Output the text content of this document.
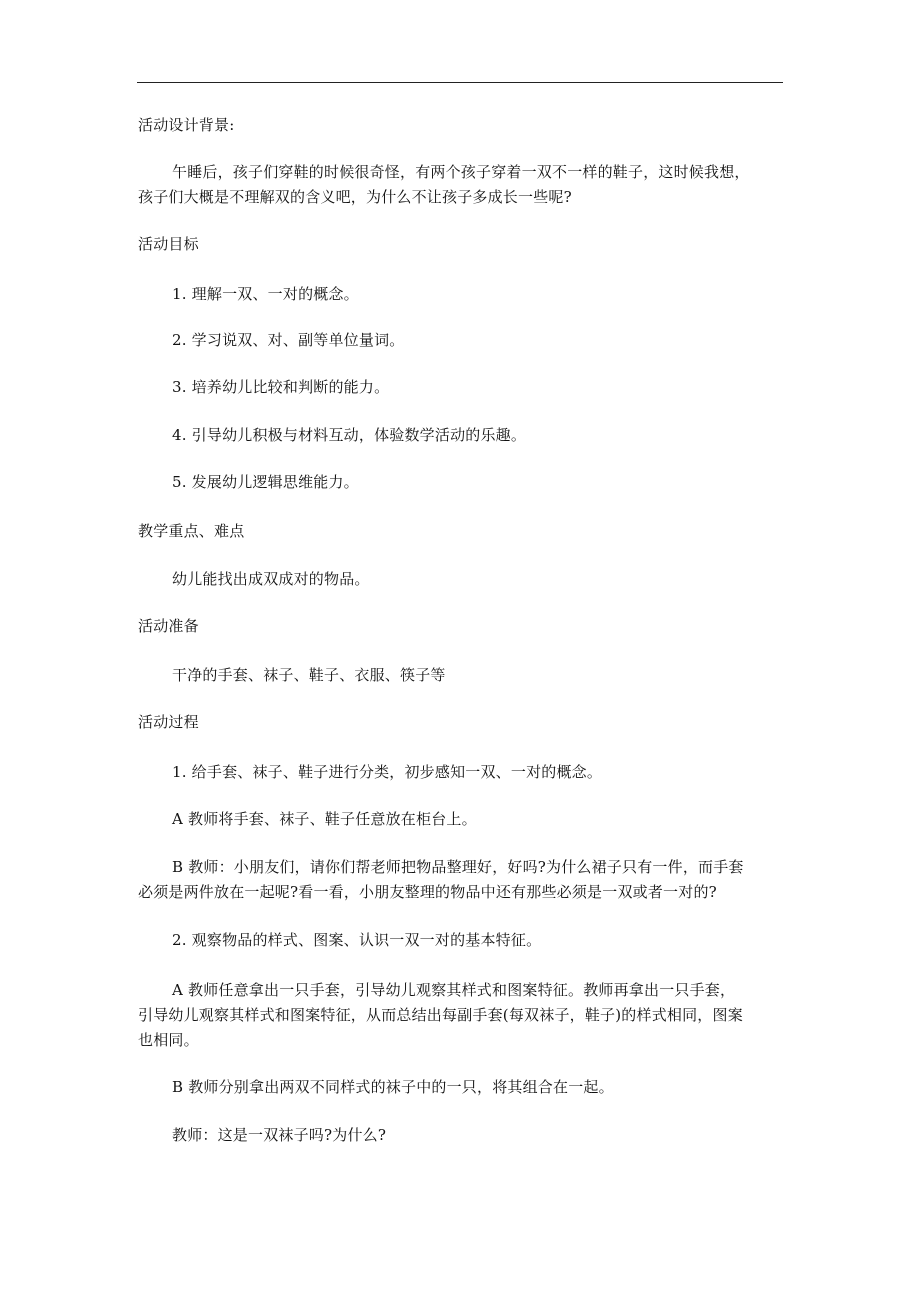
活动设计背景:

午睡后，孩子们穿鞋的时候很奇怪，有两个孩子穿着一双不一样的鞋子，这时候我想，

孩子们大概是不理解双的含义吧，为什么不让孩子多成长一些呢?

活动目标

1. 理解一双、一对的概念。

2. 学习说双、对、副等单位量词。

3. 培养幼儿比较和判断的能力。

4. 引导幼儿积极与材料互动，体验数学活动的乐趣。

5. 发展幼儿逻辑思维能力。

教学重点、难点

幼儿能找出成双成对的物品。

活动准备

干净的手套、袜子、鞋子、衣服、筷子等

活动过程

1. 给手套、袜子、鞋子进行分类，初步感知一双、一对的概念。

A 教师将手套、袜子、鞋子任意放在柜台上。

B 教师：小朋友们，请你们帮老师把物品整理好，好吗?为什么裙子只有一件，而手套

必须是两件放在一起呢?看一看，小朋友整理的物品中还有那些必须是一双或者一对的?

2. 观察物品的样式、图案、认识一双一对的基本特征。

A 教师任意拿出一只手套，引导幼儿观察其样式和图案特征。教师再拿出一只手套，

引导幼儿观察其样式和图案特征，从而总结出每副手套(每双袜子，鞋子)的样式相同，图案

也相同。

B 教师分别拿出两双不同样式的袜子中的一只，将其组合在一起。

教师：这是一双袜子吗?为什么?
